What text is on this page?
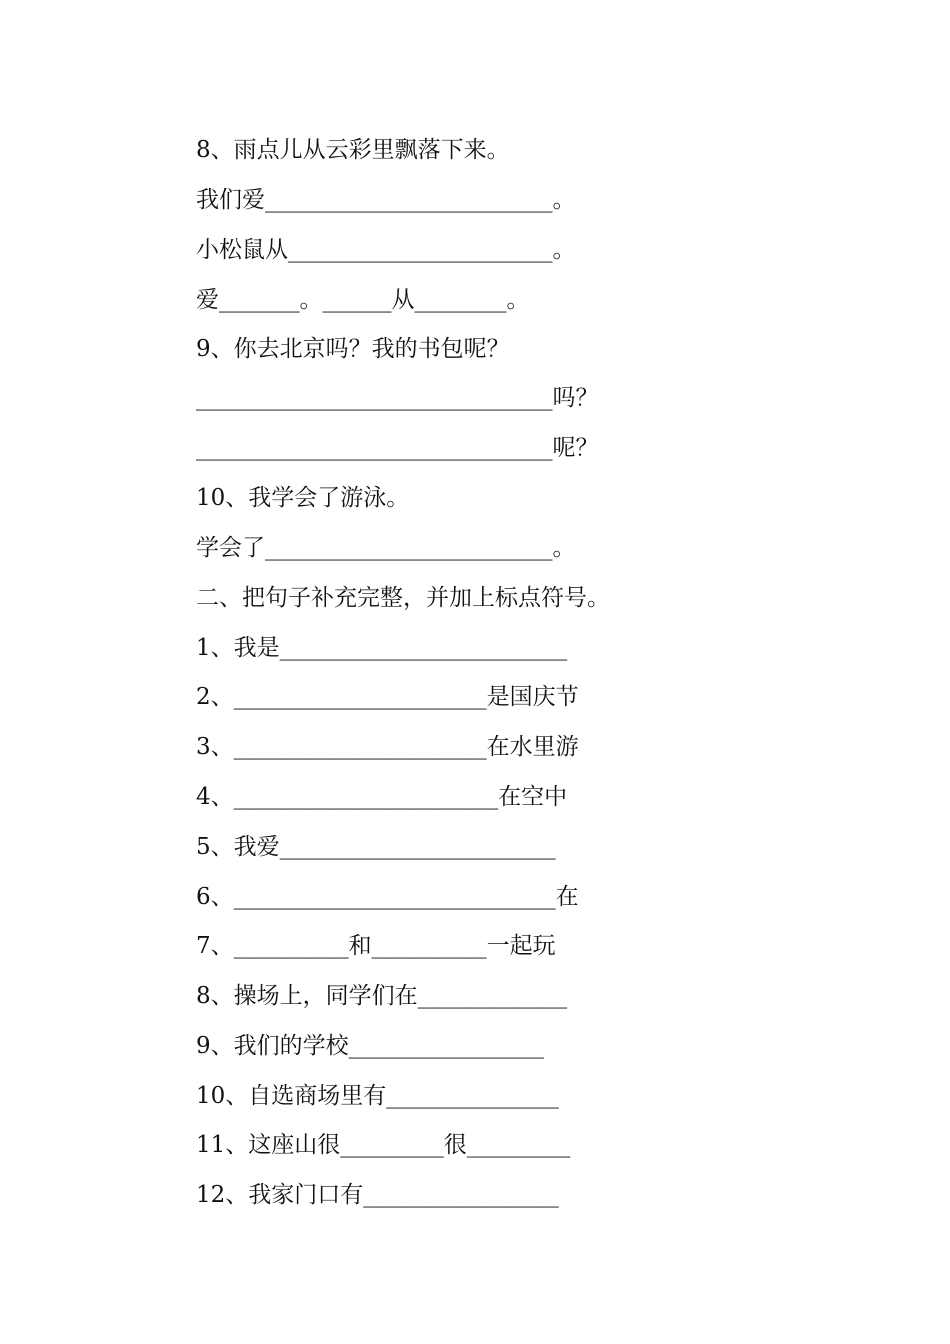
8、雨点儿从云彩里飘落下来。
我们爱_________________________。
小松鼠从_______________________。
爱_______。______从________。
9、你去北京吗？我的书包呢？
_______________________________吗？
_______________________________呢？
10、我学会了游泳。
学会了_________________________。
二、把句子补充完整，并加上标点符号。
1、我是_________________________
2、______________________是国庆节
3、______________________在水里游
4、_______________________在空中
5、我爱________________________
6、____________________________在
7、__________和__________一起玩
8、操场上，同学们在_____________
9、我们的学校_________________
10、自选商场里有_______________
11、这座山很_________很_________
12、我家门口有_________________
